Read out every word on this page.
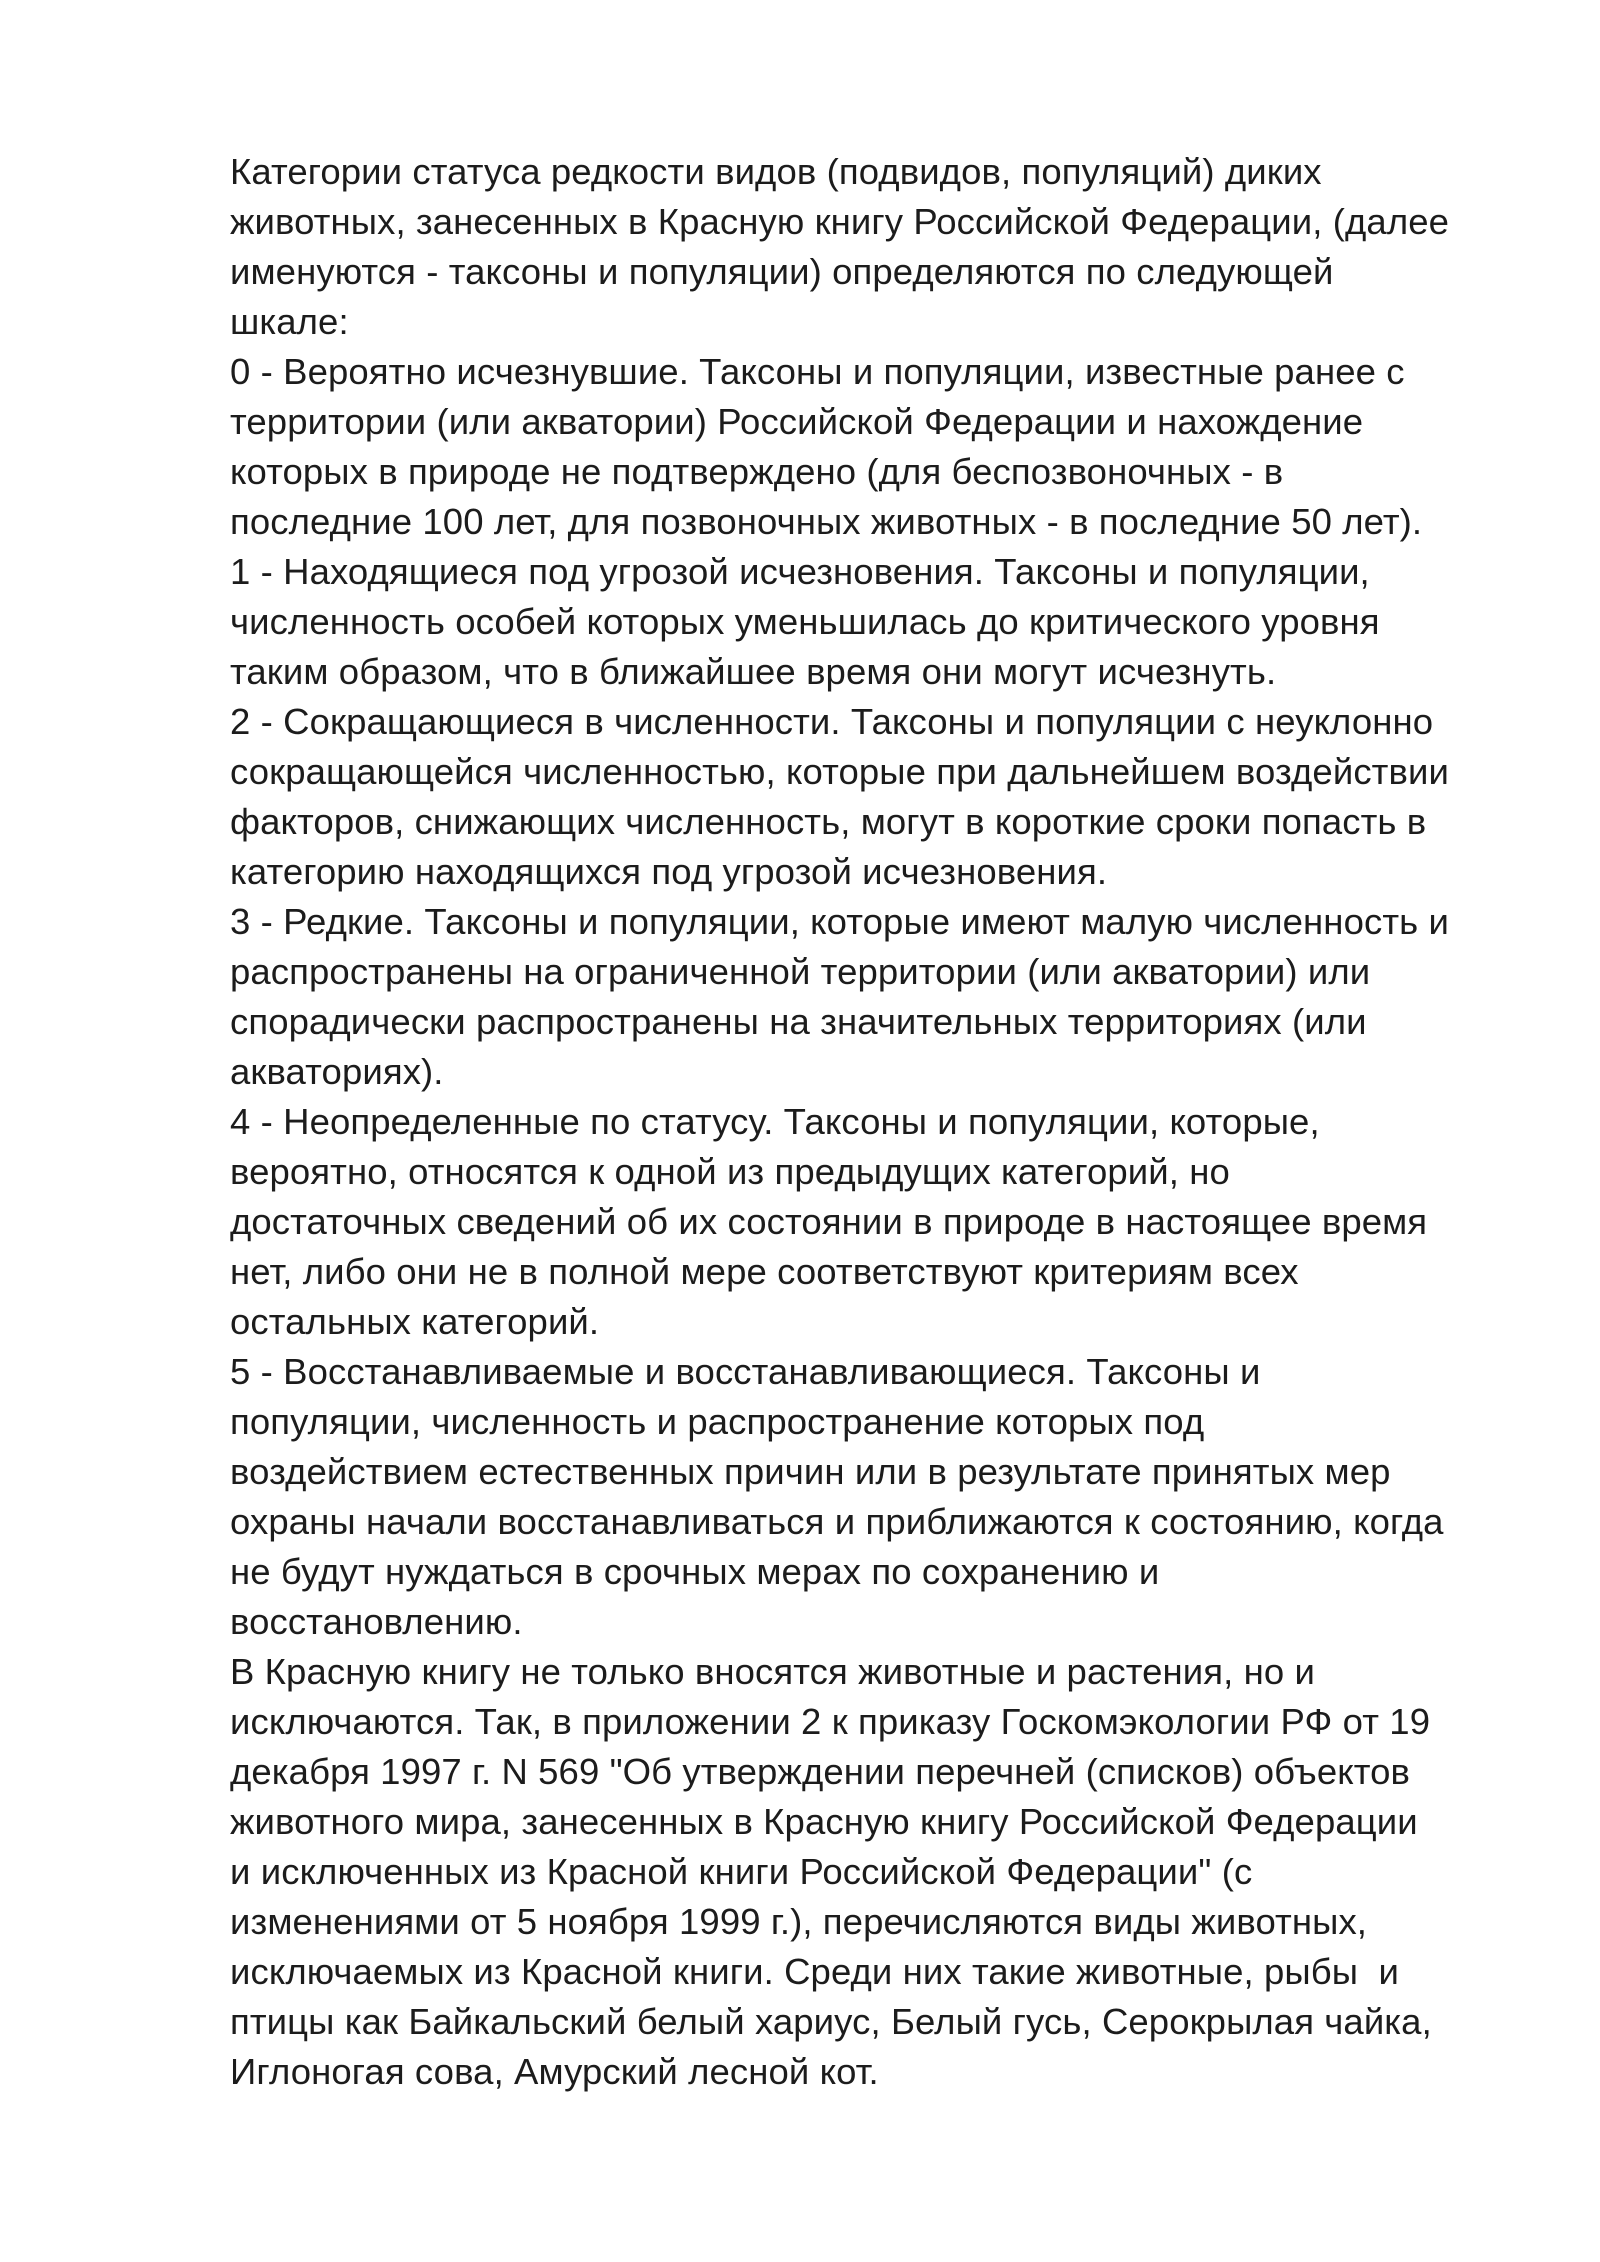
Категории статуса редкости видов (подвидов, популяций) диких
животных, занесенных в Красную книгу Российской Федерации, (далее
именуются - таксоны и популяции) определяются по следующей
шкале:
0 - Вероятно исчезнувшие. Таксоны и популяции, известные ранее с
территории (или акватории) Российской Федерации и нахождение
которых в природе не подтверждено (для беспозвоночных - в
последние 100 лет, для позвоночных животных - в последние 50 лет).
1 - Находящиеся под угрозой исчезновения. Таксоны и популяции,
численность особей которых уменьшилась до критического уровня
таким образом, что в ближайшее время они могут исчезнуть.
2 - Сокращающиеся в численности. Таксоны и популяции с неуклонно
сокращающейся численностью, которые при дальнейшем воздействии
факторов, снижающих численность, могут в короткие сроки попасть в
категорию находящихся под угрозой исчезновения.
3 - Редкие. Таксоны и популяции, которые имеют малую численность и
распространены на ограниченной территории (или акватории) или
спорадически распространены на значительных территориях (или
акваториях).
4 - Неопределенные по статусу. Таксоны и популяции, которые,
вероятно, относятся к одной из предыдущих категорий, но
достаточных сведений об их состоянии в природе в настоящее время
нет, либо они не в полной мере соответствуют критериям всех
остальных категорий.
5 - Восстанавливаемые и восстанавливающиеся. Таксоны и
популяции, численность и распространение которых под
воздействием естественных причин или в результате принятых мер
охраны начали восстанавливаться и приближаются к состоянию, когда
не будут нуждаться в срочных мерах по сохранению и
восстановлению.
В Красную книгу не только вносятся животные и растения, но и
исключаются. Так, в приложении 2 к приказу Госкомэкологии РФ от 19
декабря 1997 г. N 569 "Об утверждении перечней (списков) объектов
животного мира, занесенных в Красную книгу Российской Федерации
и исключенных из Красной книги Российской Федерации" (с
изменениями от 5 ноября 1999 г.), перечисляются виды животных,
исключаемых из Красной книги. Среди них такие животные, рыбы  и
птицы как Байкальский белый хариус, Белый гусь, Серокрылая чайка,
Иглоногая сова, Амурский лесной кот.
